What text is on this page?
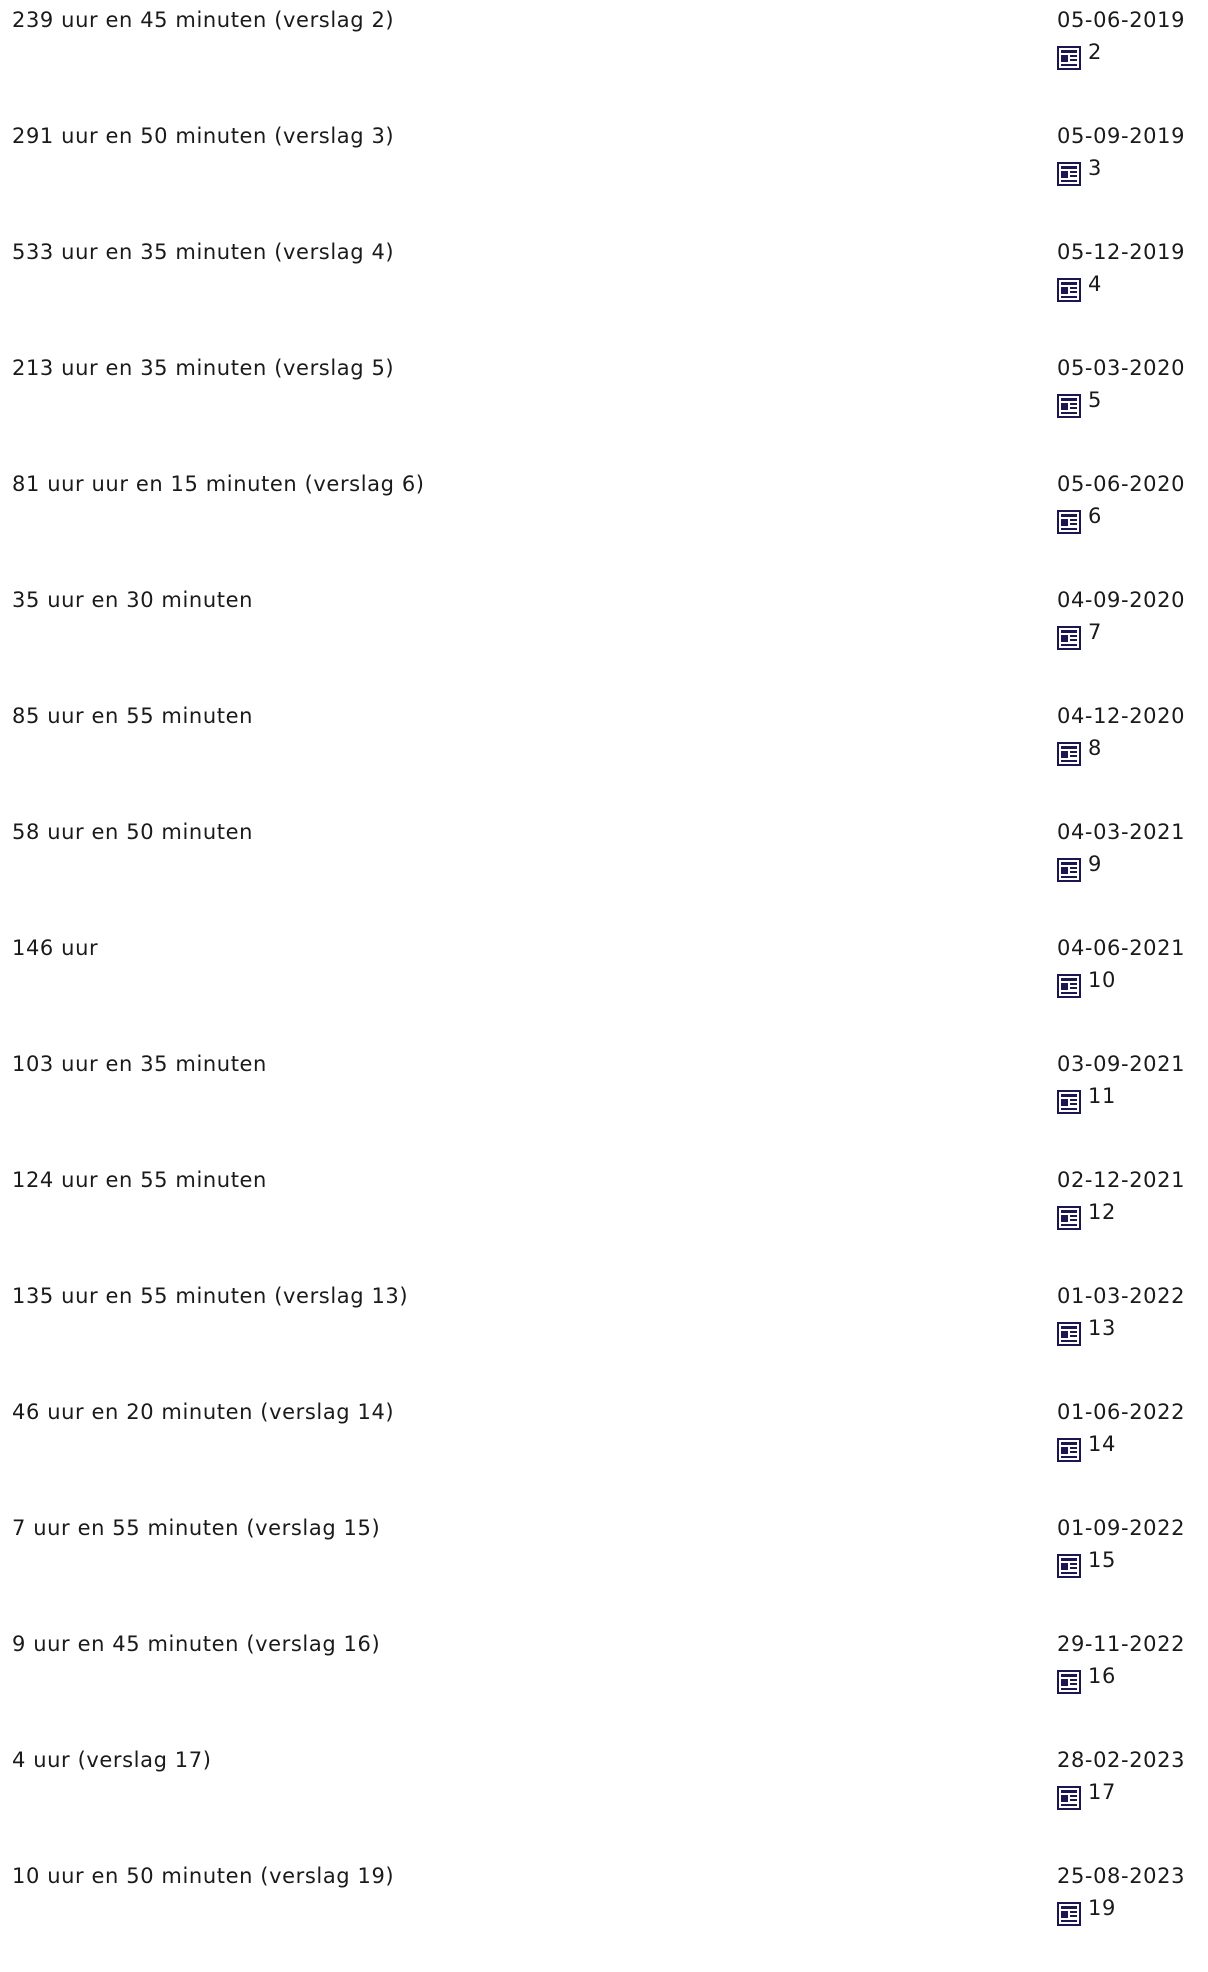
239 uur en 45 minuten (verslag 2)	05-06-2019
2
291 uur en 50 minuten (verslag 3)	05-09-2019
3
533 uur en 35 minuten (verslag 4)	05-12-2019
4
213 uur en 35 minuten (verslag 5)	05-03-2020
5
81 uur uur en 15 minuten (verslag 6)	05-06-2020
6
35 uur en 30 minuten	04-09-2020
7
85 uur en 55 minuten	04-12-2020
8
58 uur en 50 minuten	04-03-2021
9
146 uur	04-06-2021
10
103 uur en 35 minuten	03-09-2021
11
124 uur en 55 minuten	02-12-2021
12
135 uur en 55 minuten (verslag 13)	01-03-2022
13
46 uur en 20 minuten (verslag 14)	01-06-2022
14
7 uur en 55 minuten (verslag 15)	01-09-2022
15
9 uur en 45 minuten (verslag 16)	29-11-2022
16
4 uur (verslag 17)	28-02-2023
17
10 uur en 50 minuten (verslag 19)	25-08-2023
19
